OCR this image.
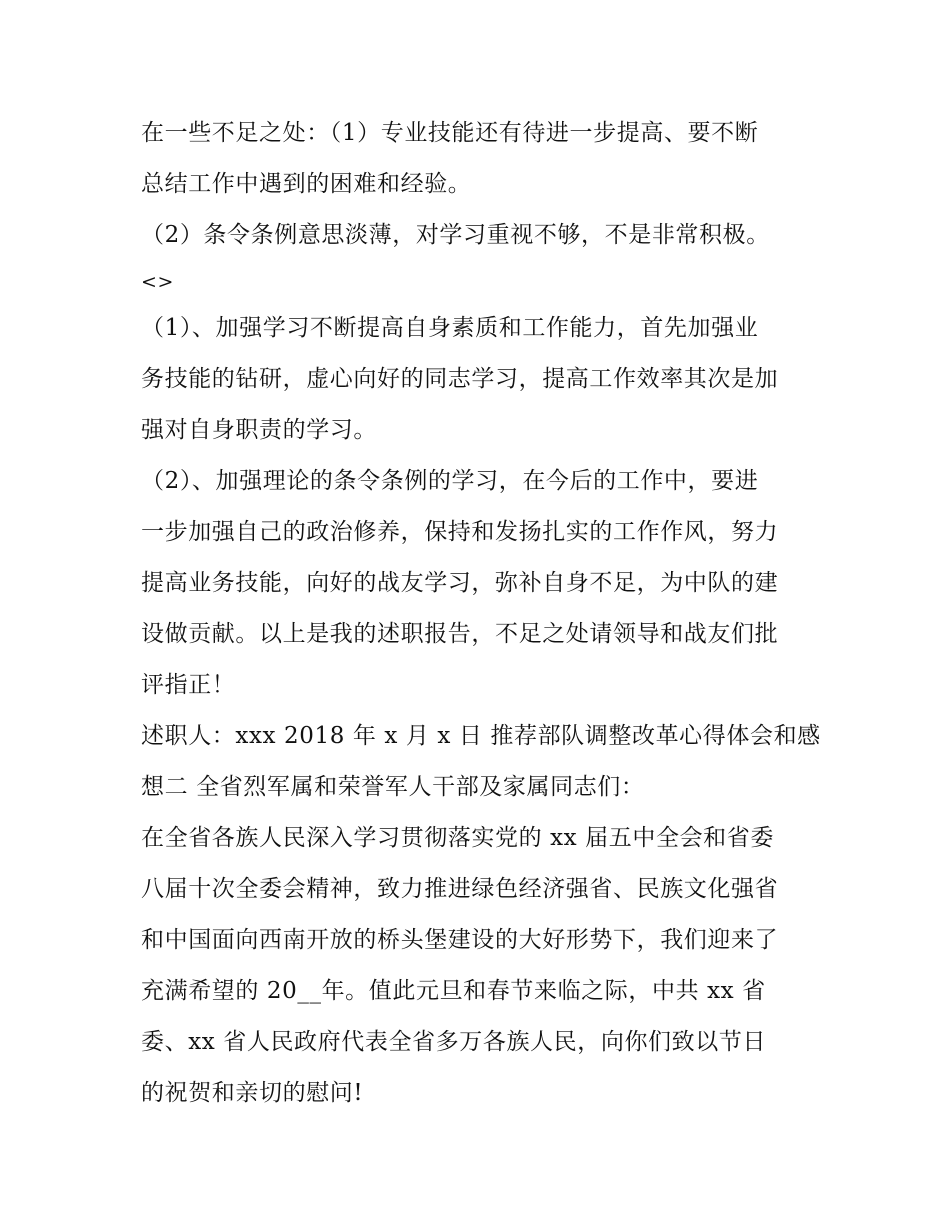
在一些不足之处：（1）专业技能还有待进一步提高、要不断
总结工作中遇到的困难和经验。
（2）条令条例意思淡薄，对学习重视不够，不是非常积极。
<>
（1）、加强学习不断提高自身素质和工作能力，首先加强业
务技能的钻研，虚心向好的同志学习，提高工作效率其次是加
强对自身职责的学习。
（2）、加强理论的条令条例的学习，在今后的工作中，要进
一步加强自己的政治修养，保持和发扬扎实的工作作风，努力
提高业务技能，向好的战友学习，弥补自身不足，为中队的建
设做贡献。以上是我的述职报告，不足之处请领导和战友们批
评指正！
述职人：xxx 2018 年 x 月 x 日 推荐部队调整改革心得体会和感
想二 全省烈军属和荣誉军人干部及家属同志们：
在全省各族人民深入学习贯彻落实党的 xx 届五中全会和省委
八届十次全委会精神，致力推进绿色经济强省、民族文化强省
和中国面向西南开放的桥头堡建设的大好形势下，我们迎来了
充满希望的 20__年。值此元旦和春节来临之际，中共 xx 省
委、xx 省人民政府代表全省多万各族人民，向你们致以节日
的祝贺和亲切的慰问!
